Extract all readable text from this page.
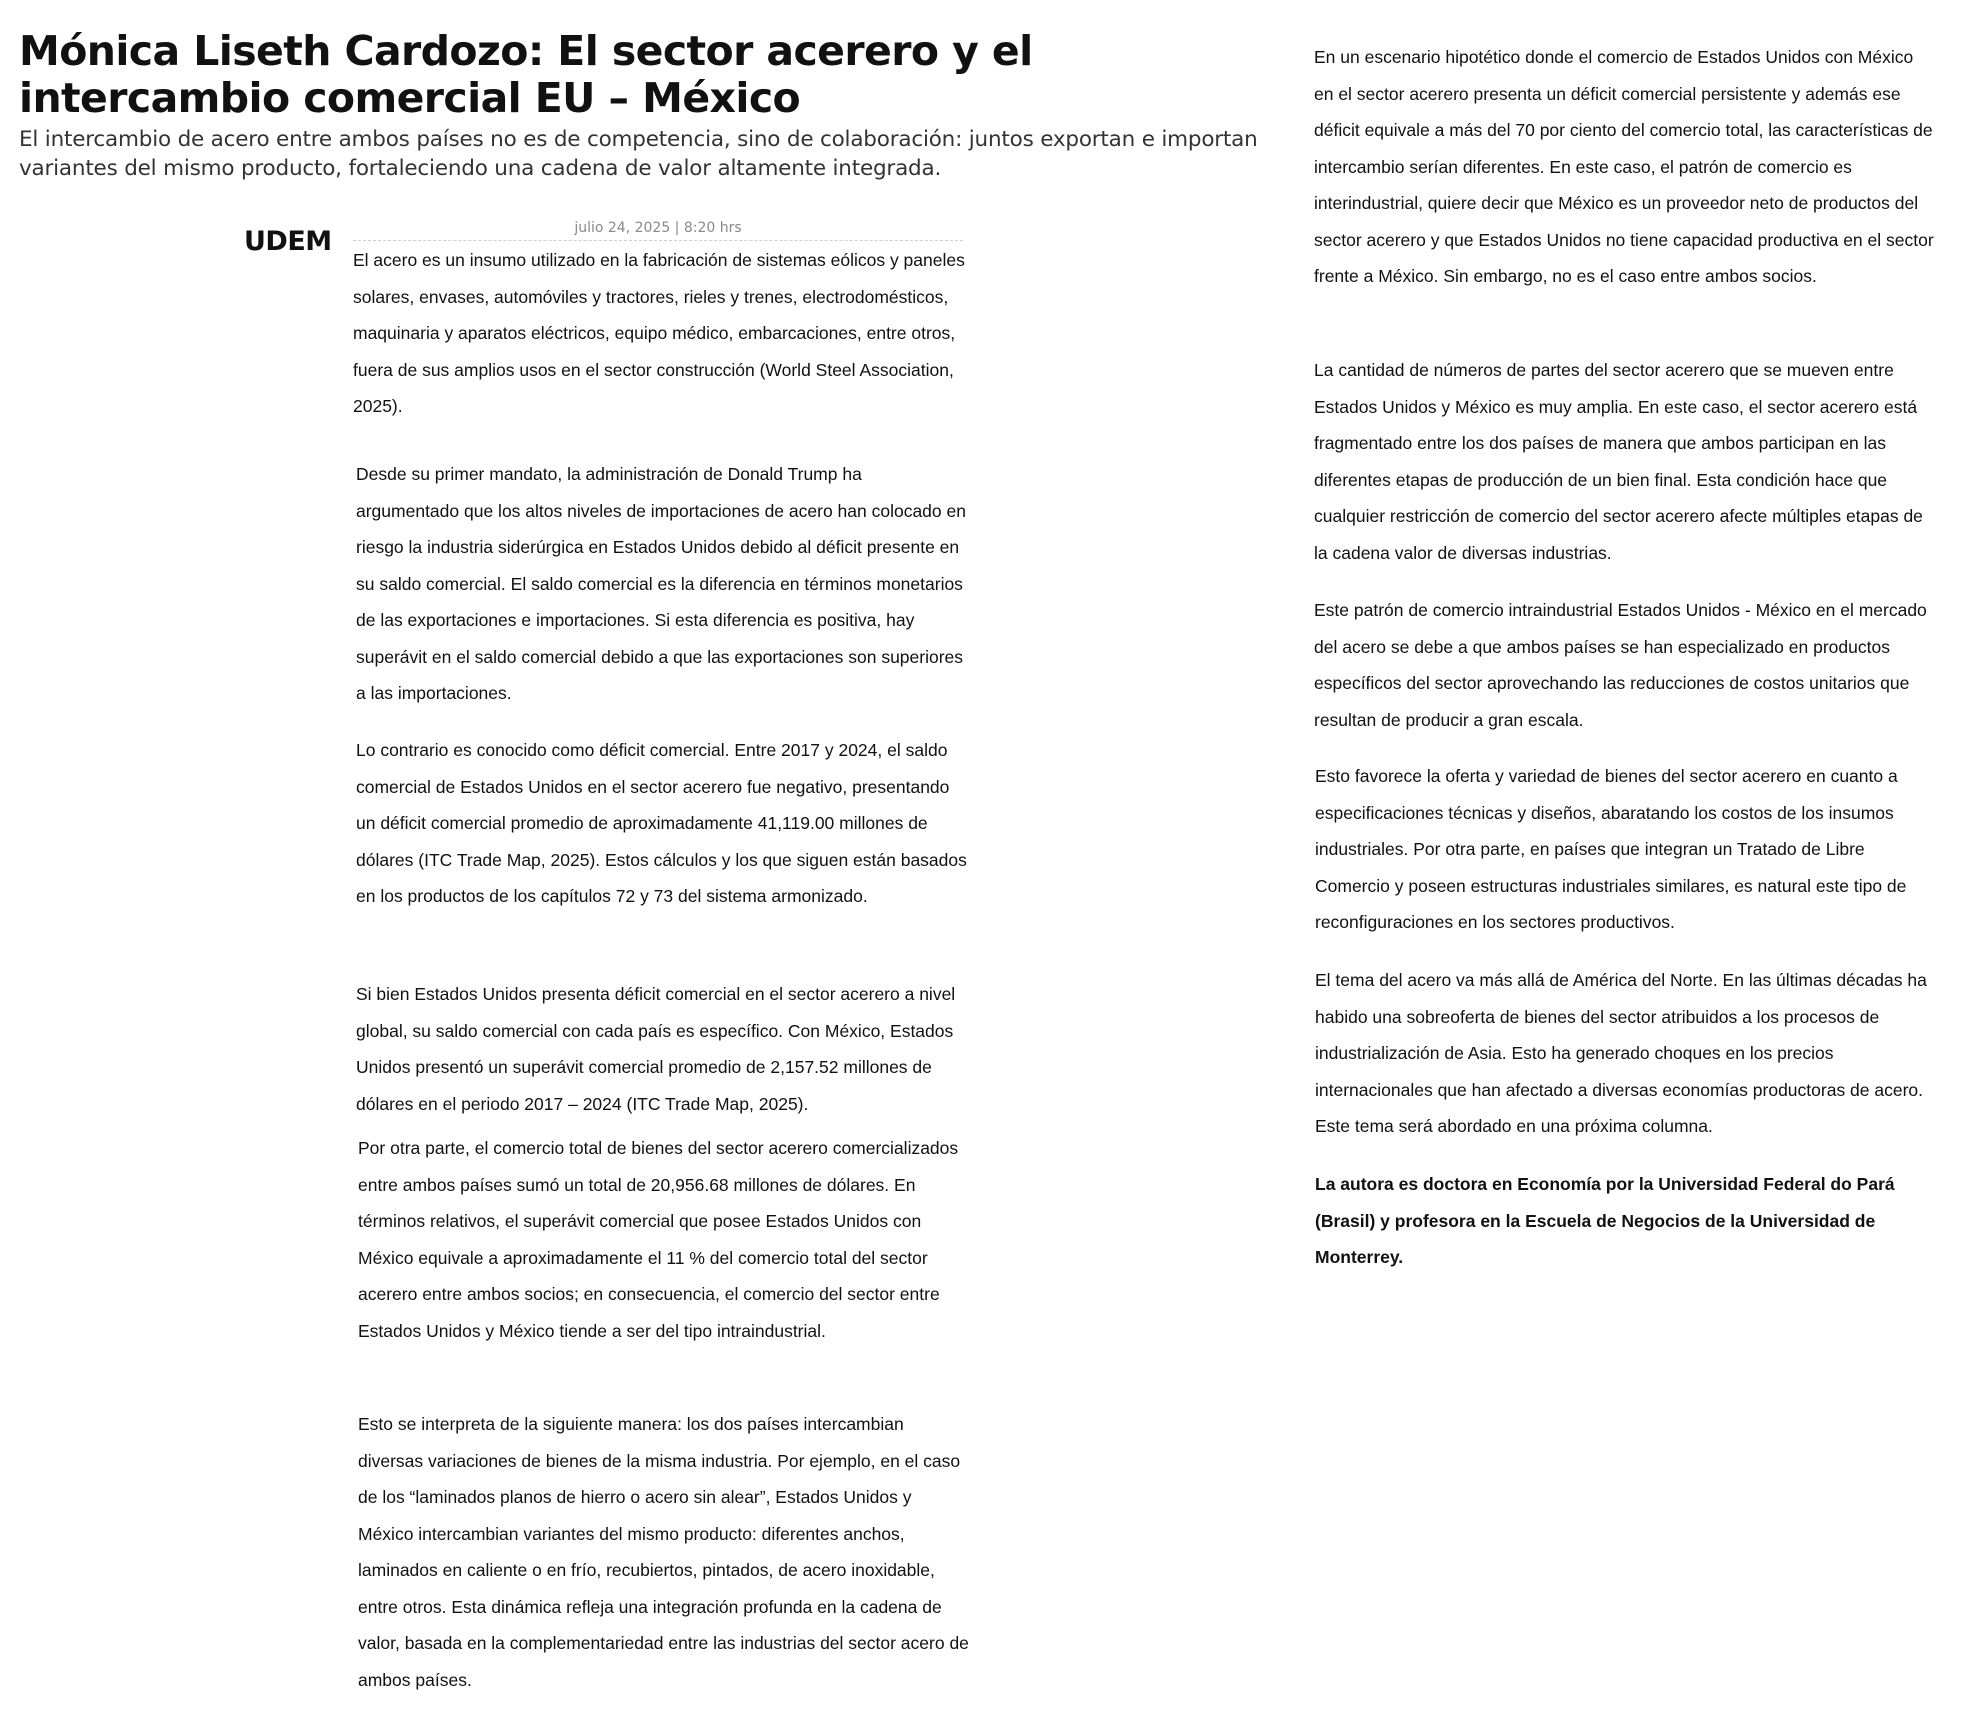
Mónica Liseth Cardozo: El sector acerero y el intercambio comercial EU – México

El intercambio de acero entre ambos países no es de competencia, sino de colaboración: juntos exportan e importan variantes del mismo producto, fortaleciendo una cadena de valor altamente integrada.

UDEM	julio 24, 2025 | 8:20 hrs

El acero es un insumo utilizado en la fabricación de sistemas eólicos y paneles solares, envases, automóviles y tractores, rieles y trenes, electrodomésticos, maquinaria y aparatos eléctricos, equipo médico, embarcaciones, entre otros, fuera de sus amplios usos en el sector construcción (World Steel Association, 2025).

Desde su primer mandato, la administración de Donald Trump ha argumentado que los altos niveles de importaciones de acero han colocado en riesgo la industria siderúrgica en Estados Unidos debido al déficit presente en su saldo comercial. El saldo comercial es la diferencia en términos monetarios de las exportaciones e importaciones. Si esta diferencia es positiva, hay superávit en el saldo comercial debido a que las exportaciones son superiores a las importaciones.

Lo contrario es conocido como déficit comercial. Entre 2017 y 2024, el saldo comercial de Estados Unidos en el sector acerero fue negativo, presentando un déficit comercial promedio de aproximadamente 41,119.00 millones de dólares (ITC Trade Map, 2025). Estos cálculos y los que siguen están basados en los productos de los capítulos 72 y 73 del sistema armonizado.

Si bien Estados Unidos presenta déficit comercial en el sector acerero a nivel global, su saldo comercial con cada país es específico. Con México, Estados Unidos presentó un superávit comercial promedio de 2,157.52 millones de dólares en el periodo 2017 – 2024 (ITC Trade Map, 2025).

Por otra parte, el comercio total de bienes del sector acerero comercializados entre ambos países sumó un total de 20,956.68 millones de dólares. En términos relativos, el superávit comercial que posee Estados Unidos con México equivale a aproximadamente el 11 % del comercio total del sector acerero entre ambos socios; en consecuencia, el comercio del sector entre Estados Unidos y México tiende a ser del tipo intraindustrial.

Esto se interpreta de la siguiente manera: los dos países intercambian diversas variaciones de bienes de la misma industria. Por ejemplo, en el caso de los “laminados planos de hierro o acero sin alear”, Estados Unidos y México intercambian variantes del mismo producto: diferentes anchos, laminados en caliente o en frío, recubiertos, pintados, de acero inoxidable, entre otros. Esta dinámica refleja una integración profunda en la cadena de valor, basada en la complementariedad entre las industrias del sector acero de ambos países.

En un escenario hipotético donde el comercio de Estados Unidos con México en el sector acerero presenta un déficit comercial persistente y además ese déficit equivale a más del 70 por ciento del comercio total, las características de intercambio serían diferentes. En este caso, el patrón de comercio es interindustrial, quiere decir que México es un proveedor neto de productos del sector acerero y que Estados Unidos no tiene capacidad productiva en el sector frente a México. Sin embargo, no es el caso entre ambos socios.

La cantidad de números de partes del sector acerero que se mueven entre Estados Unidos y México es muy amplia. En este caso, el sector acerero está fragmentado entre los dos países de manera que ambos participan en las diferentes etapas de producción de un bien final. Esta condición hace que cualquier restricción de comercio del sector acerero afecte múltiples etapas de la cadena valor de diversas industrias.

Este patrón de comercio intraindustrial Estados Unidos - México en el mercado del acero se debe a que ambos países se han especializado en productos específicos del sector aprovechando las reducciones de costos unitarios que resultan de producir a gran escala.

Esto favorece la oferta y variedad de bienes del sector acerero en cuanto a especificaciones técnicas y diseños, abaratando los costos de los insumos industriales. Por otra parte, en países que integran un Tratado de Libre Comercio y poseen estructuras industriales similares, es natural este tipo de reconfiguraciones en los sectores productivos.

El tema del acero va más allá de América del Norte. En las últimas décadas ha habido una sobreoferta de bienes del sector atribuidos a los procesos de industrialización de Asia. Esto ha generado choques en los precios internacionales que han afectado a diversas economías productoras de acero. Este tema será abordado en una próxima columna.

La autora es doctora en Economía por la Universidad Federal do Pará (Brasil) y profesora en la Escuela de Negocios de la Universidad de Monterrey.
